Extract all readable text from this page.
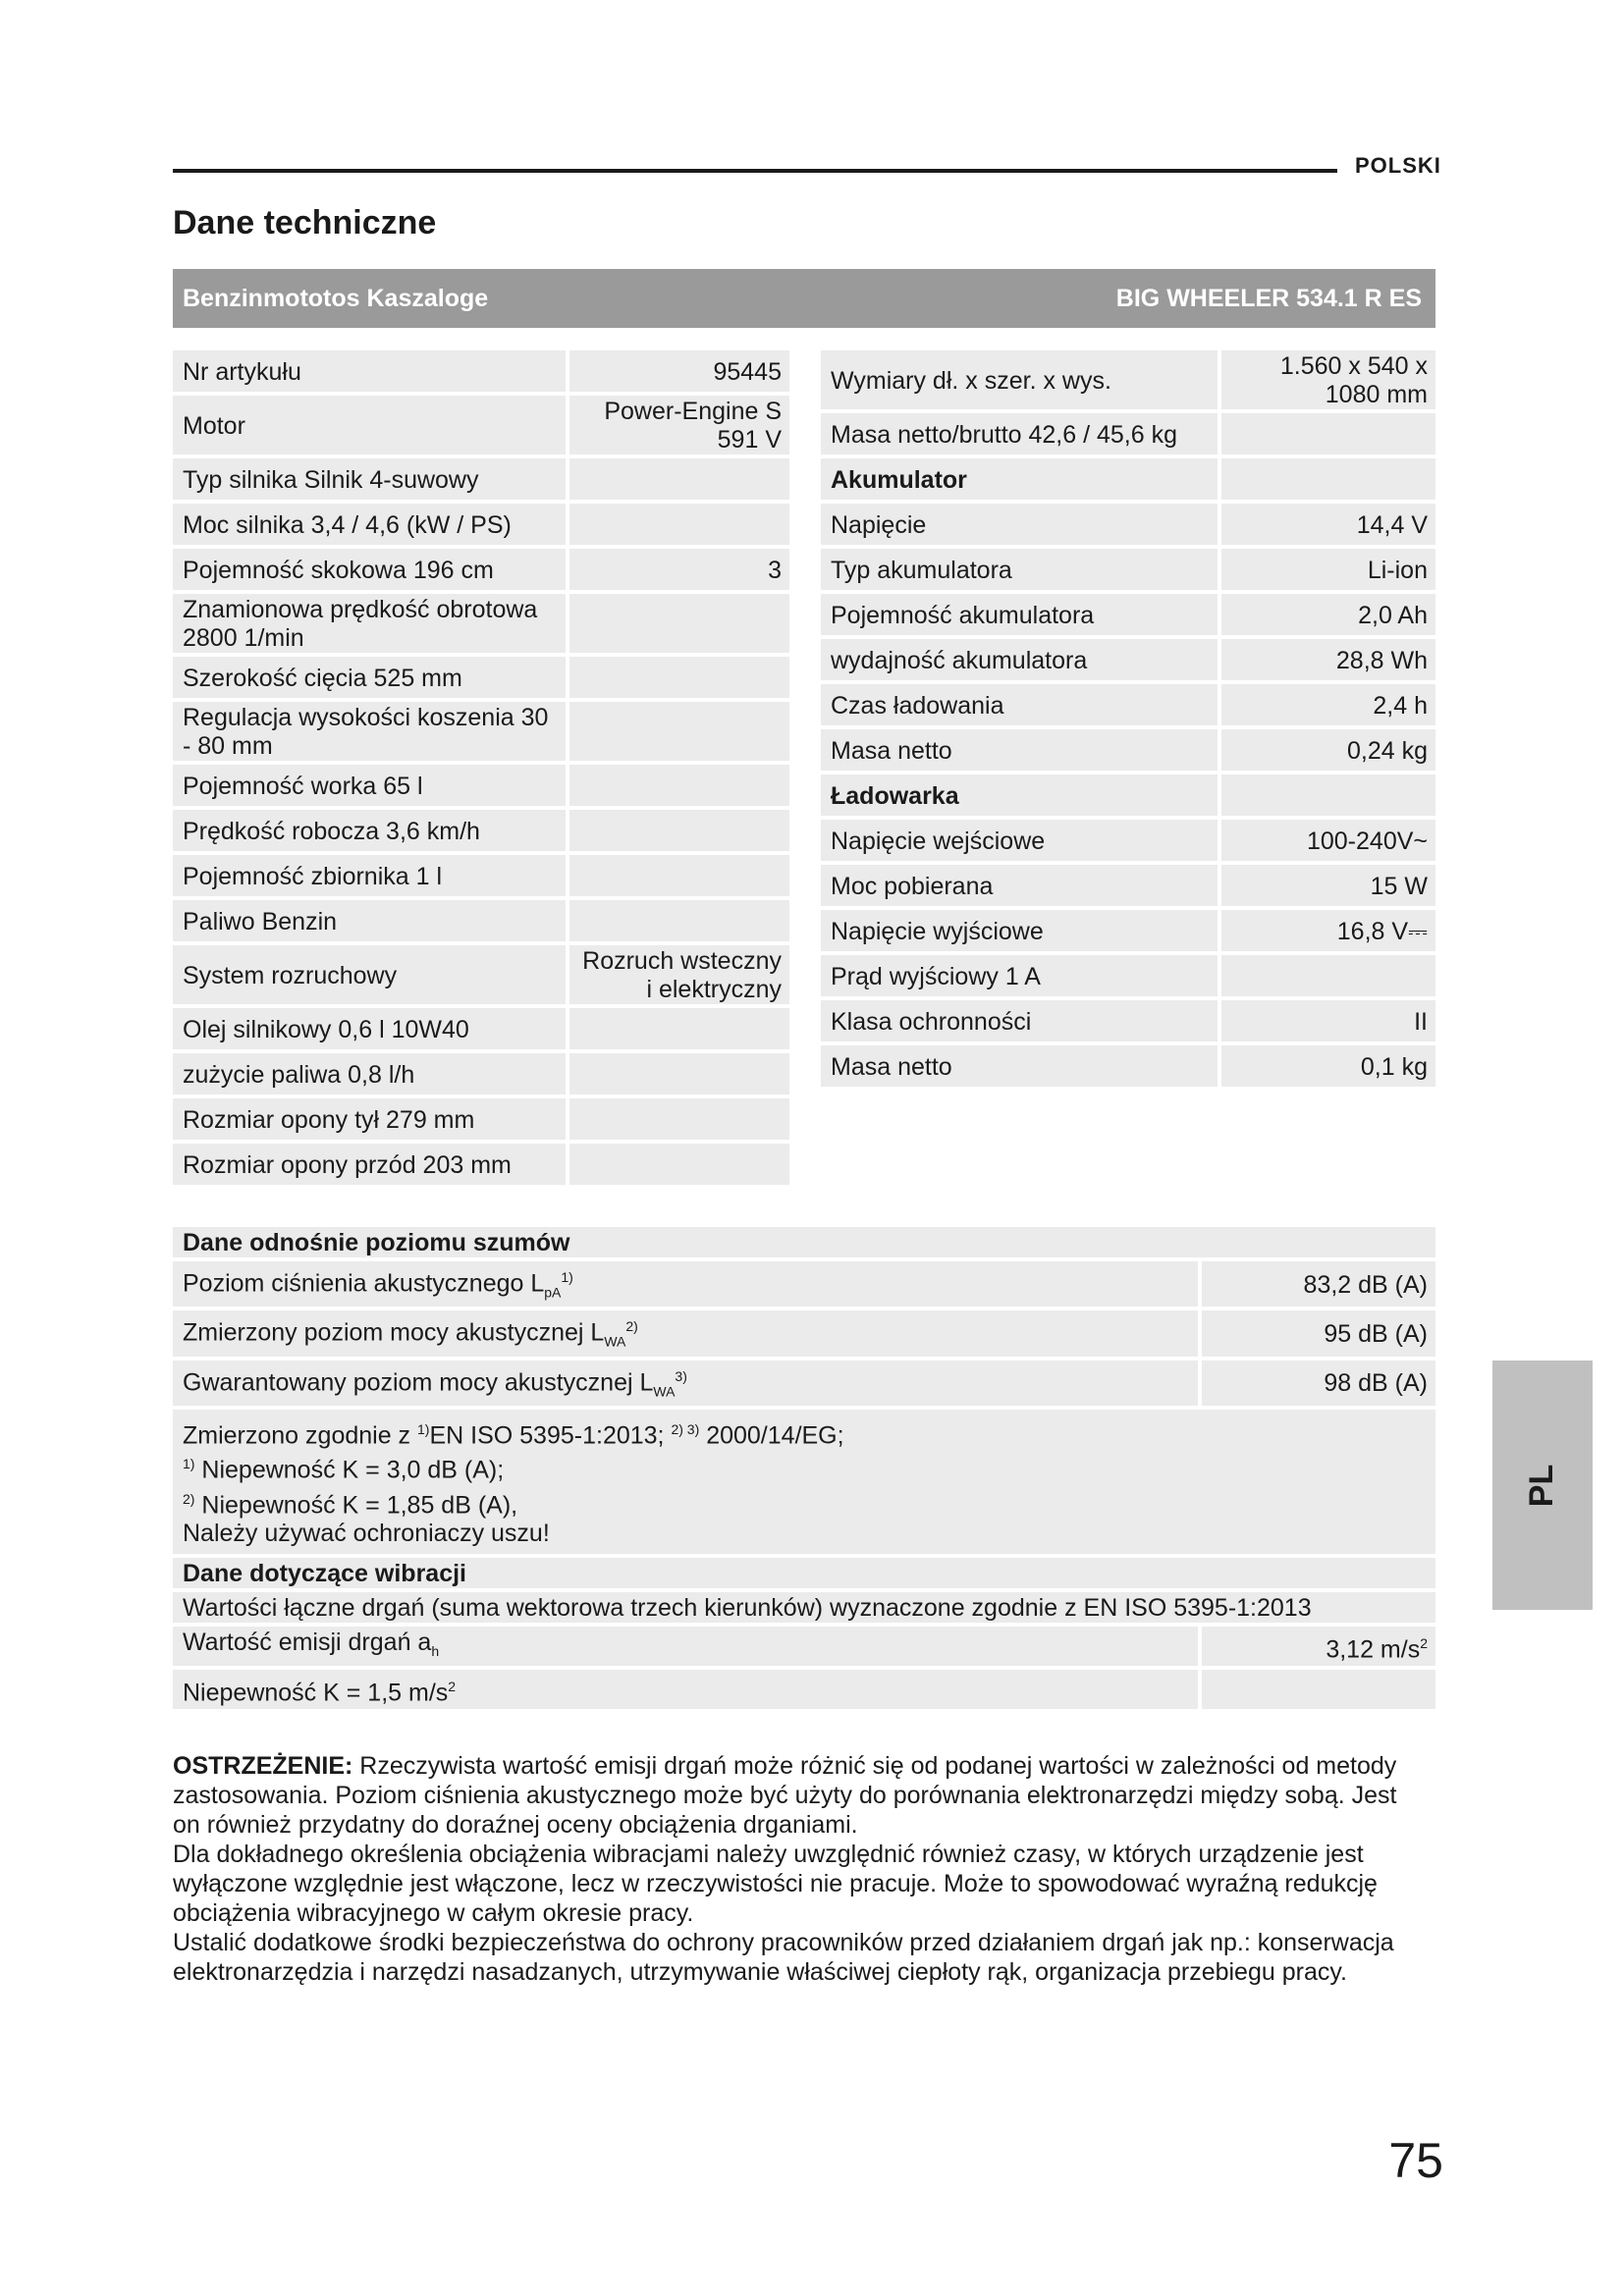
POLSKI
Dane techniczne
Benzinmototos Kaszaloge	BIG WHEELER 534.1 R ES
Nr artykułu	95445
Motor	Power-Engine S 591 V
Typ silnika Silnik 4-suwowy	
Moc silnika 3,4 / 4,6 (kW / PS)	
Pojemność skokowa 196 cm	3
Znamionowa prędkość obrotowa 2800 1/min	
Szerokość cięcia 525 mm	
Regulacja wysokości koszenia 30 - 80 mm	
Pojemność worka 65 l	
Prędkość robocza 3,6 km/h	
Pojemność zbiornika 1 l	
Paliwo Benzin	
System rozruchowy	Rozruch wsteczny i elektryczny
Olej silnikowy 0,6 l 10W40	
zużycie paliwa 0,8 l/h	
Rozmiar opony tył 279 mm	
Rozmiar opony przód 203 mm	
Wymiary dł. x szer. x wys.	1.560 x 540 x 1080 mm
Masa netto/brutto 42,6 / 45,6 kg	
Akumulator	
Napięcie	14,4 V
Typ akumulatora	Li-ion
Pojemność akumulatora	2,0 Ah
wydajność akumulatora	28,8 Wh
Czas ładowania	2,4 h
Masa netto	0,24 kg
Ładowarka	
Napięcie wejściowe	100-240V~
Moc pobierana	15 W
Napięcie wyjściowe	16,8 V⎓
Prąd wyjściowy 1 A	
Klasa ochronności	II
Masa netto	0,1 kg
Dane odnośnie poziomu szumów	
Poziom ciśnienia akustycznego $L_{pA}^{1)}$	83,2 dB (A)
Zmierzony poziom mocy akustycznej $L_{WA}^{2)}$	95 dB (A)
Gwarantowany poziom mocy akustycznej $L_{WA}^{3)}$	98 dB (A)

Zmierzono zgodnie z $^{1)}$EN ISO 5395-1:2013; $^{2) 3)}$ 2000/14/EG;
$^{1)}$ Niepewność K = 3,0 dB (A);
$^{2)}$ Niepewność K = 1,85 dB (A),
Należy używać ochroniaczy uszu!	

Dane dotyczące wibracji	
Wartości łączne drgań (suma wektorowa trzech kierunków) wyznaczone zgodnie z EN ISO 5395-1:2013	
Wartość emisji drgań $a_h$	3,12 $m/s^2$
Niepewność K = 1,5 $m/s^2$	

OSTRZEŻENIE: Rzeczywista wartość emisji drgań może różnić się od podanej wartości w zależności od metody zastosowania. Poziom ciśnienia akustycznego może być użyty do porównania elektronarzędzi między sobą. Jest on również przydatny do doraźnej oceny obciążenia drganiami.

Dla dokładnego określenia obciążenia wibracjami należy uwzględnić również czasy, w których urządzenie jest wyłączone względnie jest włączone, lecz w rzeczywistości nie pracuje. Może to spowodować wyraźną redukcję obciążenia wibracyjnego w całym okresie pracy.

Ustalić dodatkowe środki bezpieczeństwa do ochrony pracowników przed działaniem drgań jak np.: konserwacja elektronarzędzia i narzędzi nasadzanych, utrzymywanie właściwej ciepłoty rąk, organizacja przebiegu pracy.

PL
75
